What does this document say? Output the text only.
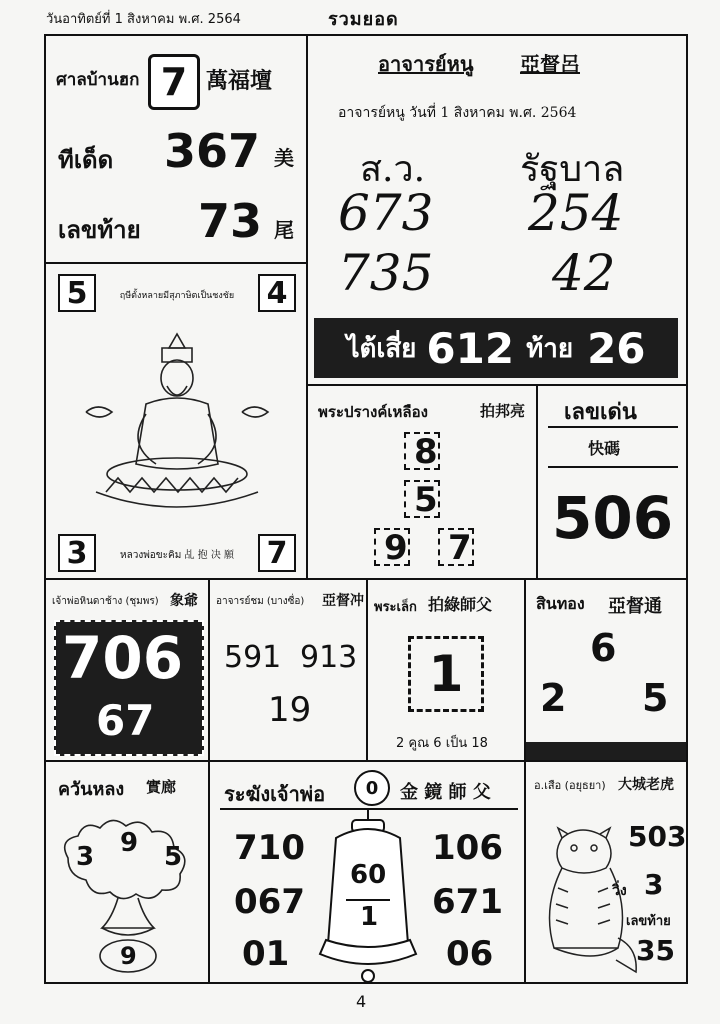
วันอาทิตย์ที่ 1 สิงหาคม พ.ศ. 2564	รวมยอด
ศาลบ้านฮก 7 萬福壇
ทีเด็ด 367 美
เลขท้าย 73 尾
5	4
ฤษีตั้งหลายมีสุภาษิตเป็นชงชัย
3	7
หลวงพ่อขะคิม 乩 抱 决 願
อาจารย์หนู 亞督呂
อาจารย์หนู วันที่ 1 สิงหาคม พ.ศ. 2564
ส.ว.
673
735
รัฐบาล
254
42
ไต้เสี่ย 612 ท้าย 26
พระปรางค์เหลือง	拍邦亮
8
5
9 7
เลขเด่น
快碼
506
เจ้าพ่อหินดาช้าง (ชุมพร) 象爺
706
67
อาจารย์ชม (บางซื่อ) 亞督冲
591 913
19
พระเล็ก 拍綠師父
1
2 คูณ 6 เป็น 18
สินทอง 亞督通
6
2 5
ควันหลง 實廊
3 9 5
9
ระฆังเจ้าพ่อ	0	金 鏡 師 父
60
1
710
067
01
106
671
06
อ.เสือ (อยุธยา) 大城老虎
503
วิ่ง 3
เลขท้าย
35
4
